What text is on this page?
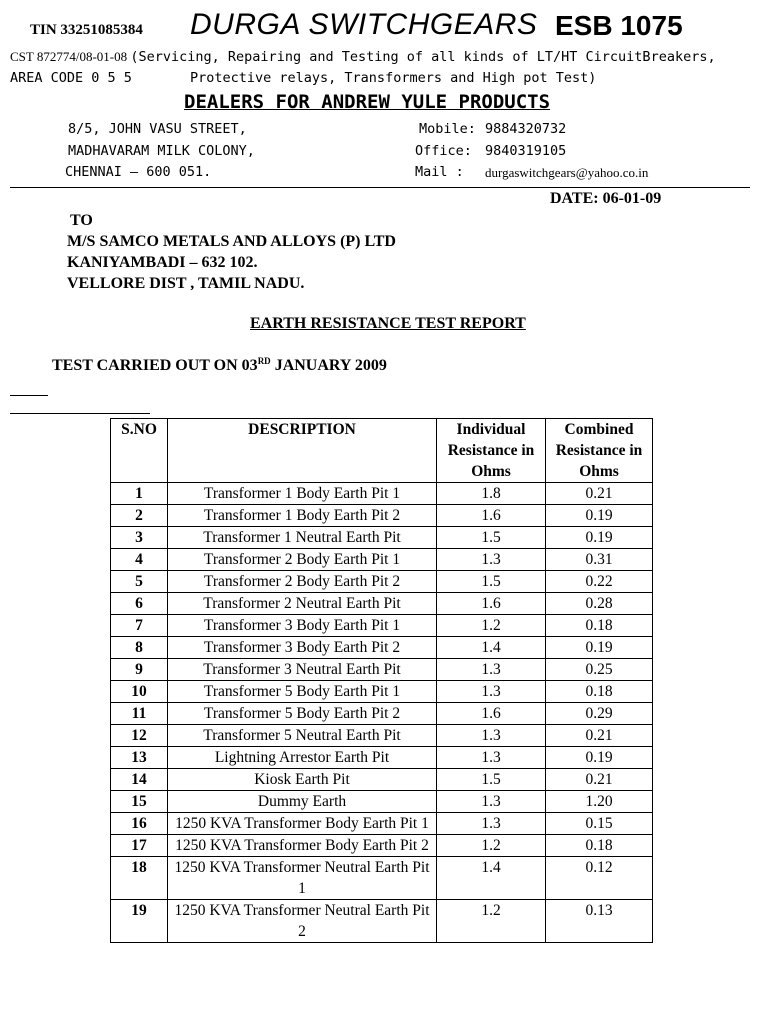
TIN 33251085384 DURGA SWITCHGEARS ESB 1075
CST 872774/08-01-08 (Servicing, Repairing and Testing of all kinds of LT/HT CircuitBreakers,
AREA CODE 0 5 5	Protective relays, Transformers and High pot Test)
DEALERS FOR ANDREW YULE PRODUCTS
8/5, JOHN VASU STREET,
MADHAVARAM MILK COLONY,
CHENNAI – 600 051.
Mobile: 9884320732
Office: 9840319105
Mail : durgaswitchgears@yahoo.co.in
DATE: 06-01-09
TO
M/S SAMCO METALS AND ALLOYS (P) LTD
KANIYAMBADI – 632 102.
VELLORE DIST , TAMIL NADU.
EARTH RESISTANCE TEST REPORT
TEST CARRIED OUT ON 03RD JANUARY 2009
S.NO	DESCRIPTION	Individual Resistance in Ohms	Combined Resistance in Ohms
1	Transformer 1 Body Earth Pit 1	1.8	0.21
2	Transformer 1 Body Earth Pit 2	1.6	0.19
3	Transformer 1 Neutral Earth Pit	1.5	0.19
4	Transformer 2 Body Earth Pit 1	1.3	0.31
5	Transformer 2 Body Earth Pit 2	1.5	0.22
6	Transformer 2 Neutral Earth Pit	1.6	0.28
7	Transformer 3 Body Earth Pit 1	1.2	0.18
8	Transformer 3 Body Earth Pit 2	1.4	0.19
9	Transformer 3 Neutral Earth Pit	1.3	0.25
10	Transformer 5 Body Earth Pit 1	1.3	0.18
11	Transformer 5 Body Earth Pit 2	1.6	0.29
12	Transformer 5 Neutral Earth Pit	1.3	0.21
13	Lightning Arrestor Earth Pit	1.3	0.19
14	Kiosk Earth Pit	1.5	0.21
15	Dummy Earth	1.3	1.20
16	1250 KVA Transformer Body Earth Pit 1	1.3	0.15
17	1250 KVA Transformer Body Earth Pit 2	1.2	0.18
18	1250 KVA Transformer Neutral Earth Pit 1	1.4	0.12
19	1250 KVA Transformer Neutral Earth Pit 2	1.2	0.13
